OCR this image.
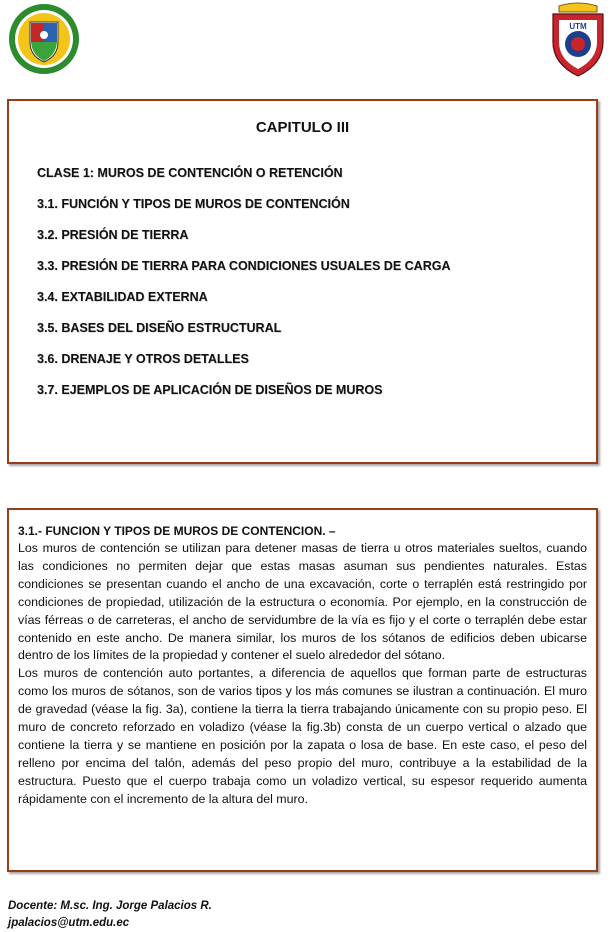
UTM
CAPITULO III
CLASE 1: MUROS DE CONTENCIÓN O RETENCIÓN
3.1. FUNCIÓN Y TIPOS DE MUROS DE CONTENCIÓN
3.2. PRESIÓN DE TIERRA
3.3. PRESIÓN DE TIERRA PARA CONDICIONES USUALES DE CARGA
3.4. EXTABILIDAD EXTERNA
3.5. BASES DEL DISEÑO ESTRUCTURAL
3.6. DRENAJE Y OTROS DETALLES
3.7. EJEMPLOS DE APLICACIÓN DE DISEÑOS DE MUROS
3.1.- FUNCION Y TIPOS DE MUROS DE CONTENCION. –

Los muros de contención se utilizan para detener masas de tierra u otros materiales sueltos, cuando las condiciones no permiten dejar que estas masas asuman sus pendientes naturales. Estas condiciones se presentan cuando el ancho de una excavación, corte o terraplén está restringido por condiciones de propiedad, utilización de la estructura o economía. Por ejemplo, en la construcción de vías férreas o de carreteras, el ancho de servidumbre de la vía es fijo y el corte o terraplén debe estar contenido en este ancho. De manera similar, los muros de los sótanos de edificios deben ubicarse dentro de los límites de la propiedad y contener el suelo alrededor del sótano.

Los muros de contención auto portantes, a diferencia de aquellos que forman parte de estructuras como los muros de sótanos, son de varios tipos y los más comunes se ilustran a continuación. El muro de gravedad (véase la fig. 3a), contiene la tierra la tierra trabajando únicamente con su propio peso. El muro de concreto reforzado en voladizo (véase la fig.3b) consta de un cuerpo vertical o alzado que contiene la tierra y se mantiene en posición por la zapata o losa de base. En este caso, el peso del relleno por encima del talón, además del peso propio del muro, contribuye a la estabilidad de la estructura. Puesto que el cuerpo trabaja como un voladizo vertical, su espesor requerido aumenta rápidamente con el incremento de la altura del muro.

Docente: M.sc. Ing. Jorge Palacios R.
jpalacios@utm.edu.ec
